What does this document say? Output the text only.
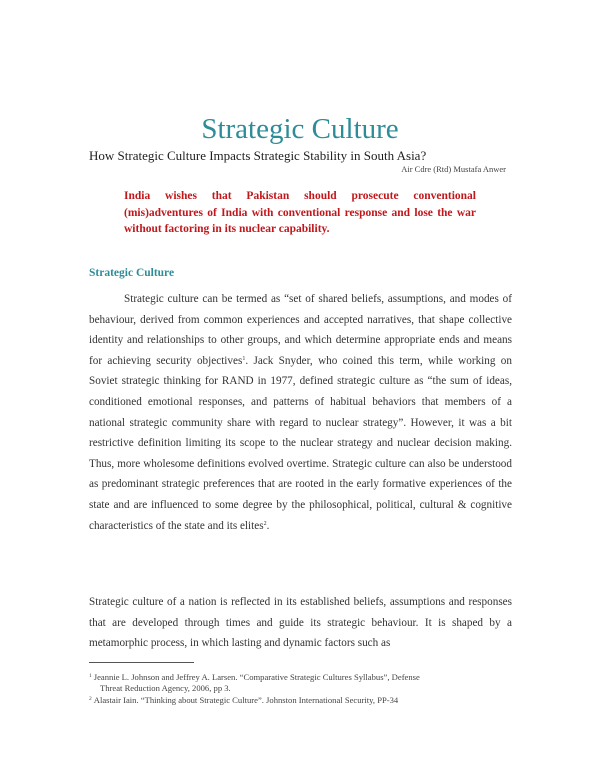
Strategic Culture
How Strategic Culture Impacts Strategic Stability in South Asia?
Air Cdre (Rtd) Mustafa Anwer
India wishes that Pakistan should prosecute conventional (mis)adventures of India with conventional response and lose the war without factoring in its nuclear capability.
Strategic Culture
Strategic culture can be termed as “set of shared beliefs, assumptions, and modes of behaviour, derived from common experiences and accepted narratives, that shape collective identity and relationships to other groups, and which determine appropriate ends and means for achieving security objectives$^1$. Jack Snyder, who coined this term, while working on Soviet strategic thinking for RAND in 1977, defined strategic culture as “the sum of ideas, conditioned emotional responses, and patterns of habitual behaviors that members of a national strategic community share with regard to nuclear strategy”. However, it was a bit restrictive definition limiting its scope to the nuclear strategy and nuclear decision making. Thus, more wholesome definitions evolved overtime. Strategic culture can also be understood as predominant strategic preferences that are rooted in the early formative experiences of the state and are influenced to some degree by the philosophical, political, cultural & cognitive characteristics of the state and its elites$^2$.
Strategic culture of a nation is reflected in its established beliefs, assumptions and responses that are developed through times and guide its strategic behaviour. It is shaped by a metamorphic process, in which lasting and dynamic factors such as
$^1$ Jeannie L. Johnson and Jeffrey A. Larsen. “Comparative Strategic Cultures Syllabus”, Defense
Threat Reduction Agency, 2006, pp 3.
$^2$ Alastair Iain. “Thinking about Strategic Culture”. Johnston International Security, PP-34
